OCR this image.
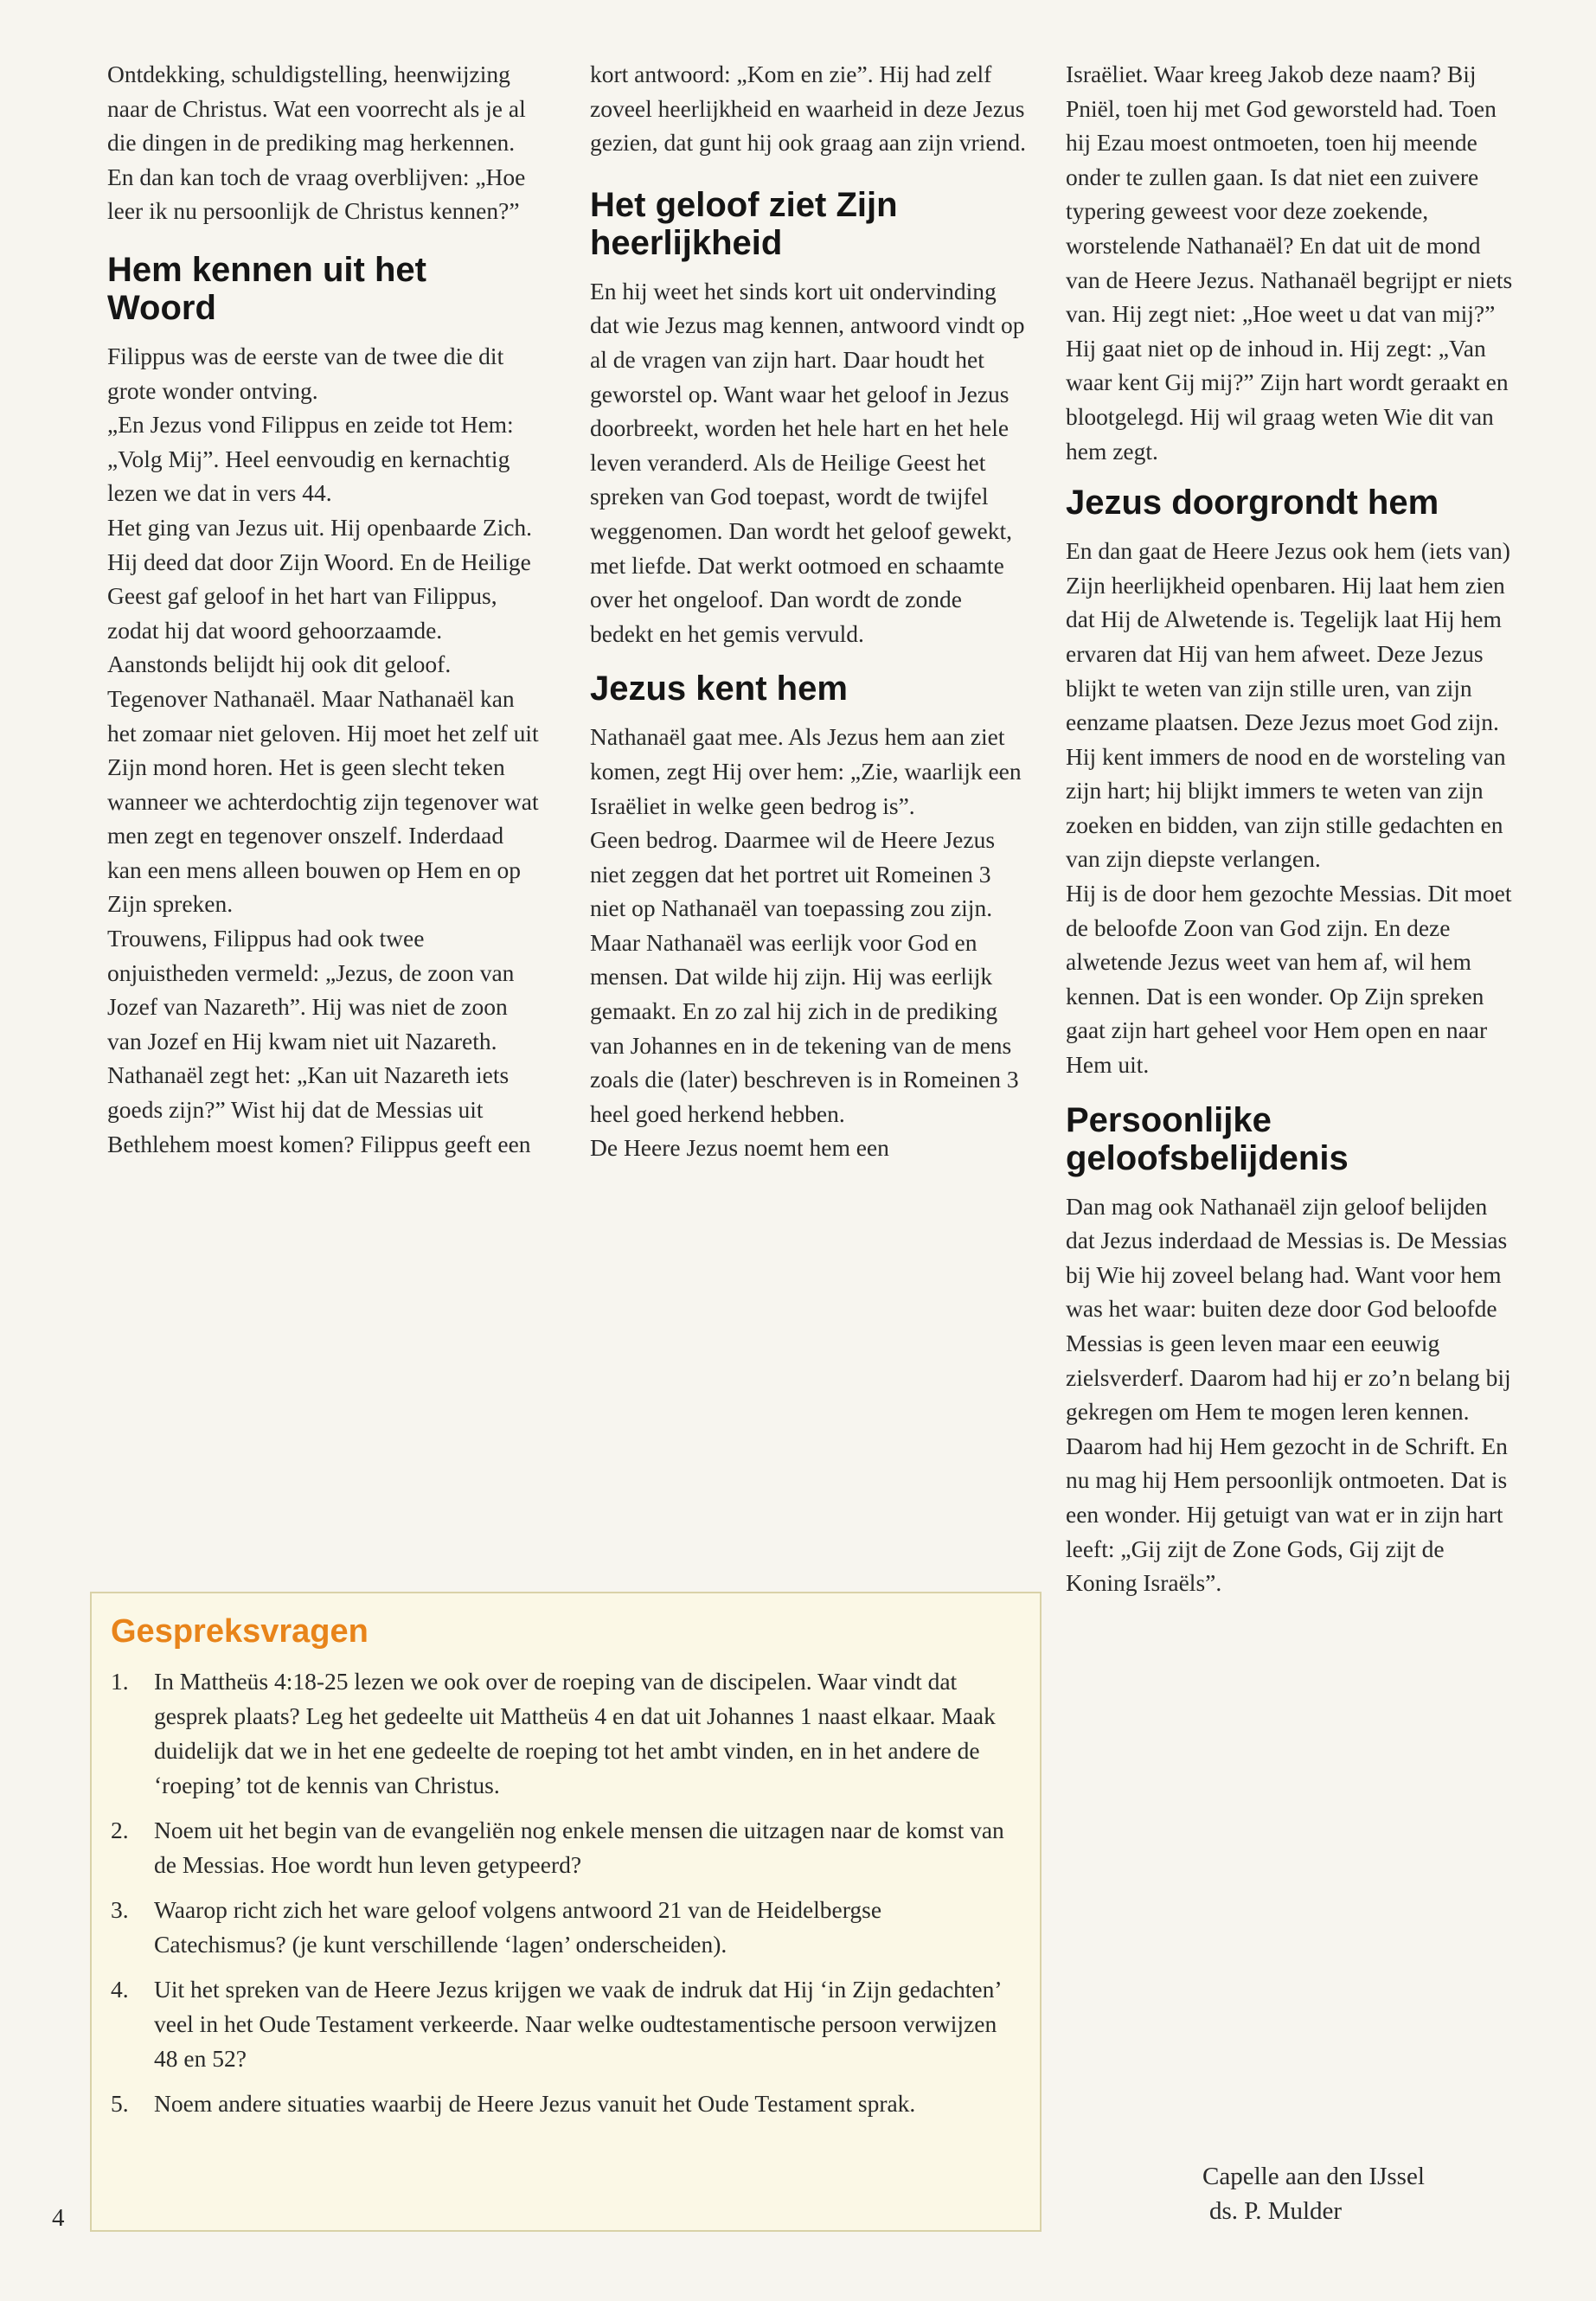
Ontdekking, schuldigstelling, heenwijzing naar de Christus. Wat een voorrecht als je al die dingen in de prediking mag herkennen. En dan kan toch de vraag overblijven: „Hoe leer ik nu persoonlijk de Christus kennen?”

Hem kennen uit het Woord

Filippus was de eerste van de twee die dit grote wonder ontving.

„En Jezus vond Filippus en zeide tot Hem: „Volg Mij”. Heel eenvoudig en kernachtig lezen we dat in vers 44.

Het ging van Jezus uit. Hij openbaarde Zich. Hij deed dat door Zijn Woord. En de Heilige Geest gaf geloof in het hart van Filippus, zodat hij dat woord gehoorzaamde.

Aanstonds belijdt hij ook dit geloof. Tegenover Nathanaël. Maar Nathanaël kan het zomaar niet geloven. Hij moet het zelf uit Zijn mond horen. Het is geen slecht teken wanneer we achterdochtig zijn tegenover wat men zegt en tegenover onszelf. Inderdaad kan een mens alleen bouwen op Hem en op Zijn spreken.

Trouwens, Filippus had ook twee onjuistheden vermeld: „Jezus, de zoon van Jozef van Nazareth”. Hij was niet de zoon van Jozef en Hij kwam niet uit Nazareth. Nathanaël zegt het: „Kan uit Nazareth iets goeds zijn?” Wist hij dat de Messias uit Bethlehem moest komen? Filippus geeft een

kort antwoord: „Kom en zie”. Hij had zelf zoveel heerlijkheid en waarheid in deze Jezus gezien, dat gunt hij ook graag aan zijn vriend.

Het geloof ziet Zijn heerlijkheid

En hij weet het sinds kort uit ondervinding dat wie Jezus mag kennen, antwoord vindt op al de vragen van zijn hart. Daar houdt het geworstel op. Want waar het geloof in Jezus doorbreekt, worden het hele hart en het hele leven veranderd. Als de Heilige Geest het spreken van God toepast, wordt de twijfel weggenomen. Dan wordt het geloof gewekt, met liefde. Dat werkt ootmoed en schaamte over het ongeloof. Dan wordt de zonde bedekt en het gemis vervuld.

Jezus kent hem

Nathanaël gaat mee. Als Jezus hem aan ziet komen, zegt Hij over hem: „Zie, waarlijk een Israëliet in welke geen bedrog is”.

Geen bedrog. Daarmee wil de Heere Jezus niet zeggen dat het portret uit Romeinen 3 niet op Nathanaël van toepassing zou zijn. Maar Nathanaël was eerlijk voor God en mensen. Dat wilde hij zijn. Hij was eerlijk gemaakt. En zo zal hij zich in de prediking van Johannes en in de tekening van de mens zoals die (later) beschreven is in Romeinen 3 heel goed herkend hebben.

De Heere Jezus noemt hem een

Israëliet. Waar kreeg Jakob deze naam? Bij Pniël, toen hij met God geworsteld had. Toen hij Ezau moest ontmoeten, toen hij meende onder te zullen gaan. Is dat niet een zuivere typering geweest voor deze zoekende, worstelende Nathanaël? En dat uit de mond van de Heere Jezus. Nathanaël begrijpt er niets van. Hij zegt niet: „Hoe weet u dat van mij?” Hij gaat niet op de inhoud in. Hij zegt: „Van waar kent Gij mij?” Zijn hart wordt geraakt en blootgelegd. Hij wil graag weten Wie dit van hem zegt.

Jezus doorgrondt hem

En dan gaat de Heere Jezus ook hem (iets van) Zijn heerlijkheid openbaren. Hij laat hem zien dat Hij de Alwetende is. Tegelijk laat Hij hem ervaren dat Hij van hem afweet. Deze Jezus blijkt te weten van zijn stille uren, van zijn eenzame plaatsen. Deze Jezus moet God zijn. Hij kent immers de nood en de worsteling van zijn hart; hij blijkt immers te weten van zijn zoeken en bidden, van zijn stille gedachten en van zijn diepste verlangen.

Hij is de door hem gezochte Messias. Dit moet de beloofde Zoon van God zijn. En deze alwetende Jezus weet van hem af, wil hem kennen. Dat is een wonder. Op Zijn spreken gaat zijn hart geheel voor Hem open en naar Hem uit.

Persoonlijke geloofsbelijdenis

Dan mag ook Nathanaël zijn geloof belijden dat Jezus inderdaad de Messias is. De Messias bij Wie hij zoveel belang had. Want voor hem was het waar: buiten deze door God beloofde Messias is geen leven maar een eeuwig zielsverderf. Daarom had hij er zo’n belang bij gekregen om Hem te mogen leren kennen. Daarom had hij Hem gezocht in de Schrift. En nu mag hij Hem persoonlijk ontmoeten. Dat is een wonder. Hij getuigt van wat er in zijn hart leeft: „Gij zijt de Zone Gods, Gij zijt de Koning Israëls”.

Gespreksvragen
1. In Mattheüs 4:18-25 lezen we ook over de roeping van de discipelen. Waar vindt dat gesprek plaats? Leg het gedeelte uit Mattheüs 4 en dat uit Johannes 1 naast elkaar. Maak duidelijk dat we in het ene gedeelte de roeping tot het ambt vinden, en in het andere de ‘roeping’ tot de kennis van Christus.
2. Noem uit het begin van de evangeliën nog enkele mensen die uitzagen naar de komst van de Messias. Hoe wordt hun leven getypeerd?
3. Waarop richt zich het ware geloof volgens antwoord 21 van de Heidelbergse Catechismus? (je kunt verschillende ‘lagen’ onderscheiden).
4. Uit het spreken van de Heere Jezus krijgen we vaak de indruk dat Hij ‘in Zijn gedachten’ veel in het Oude Testament verkeerde. Naar welke oudtestamentische persoon verwijzen 48 en 52?
5. Noem andere situaties waarbij de Heere Jezus vanuit het Oude Testament sprak.
Capelle aan den IJssel
ds. P. Mulder
4
